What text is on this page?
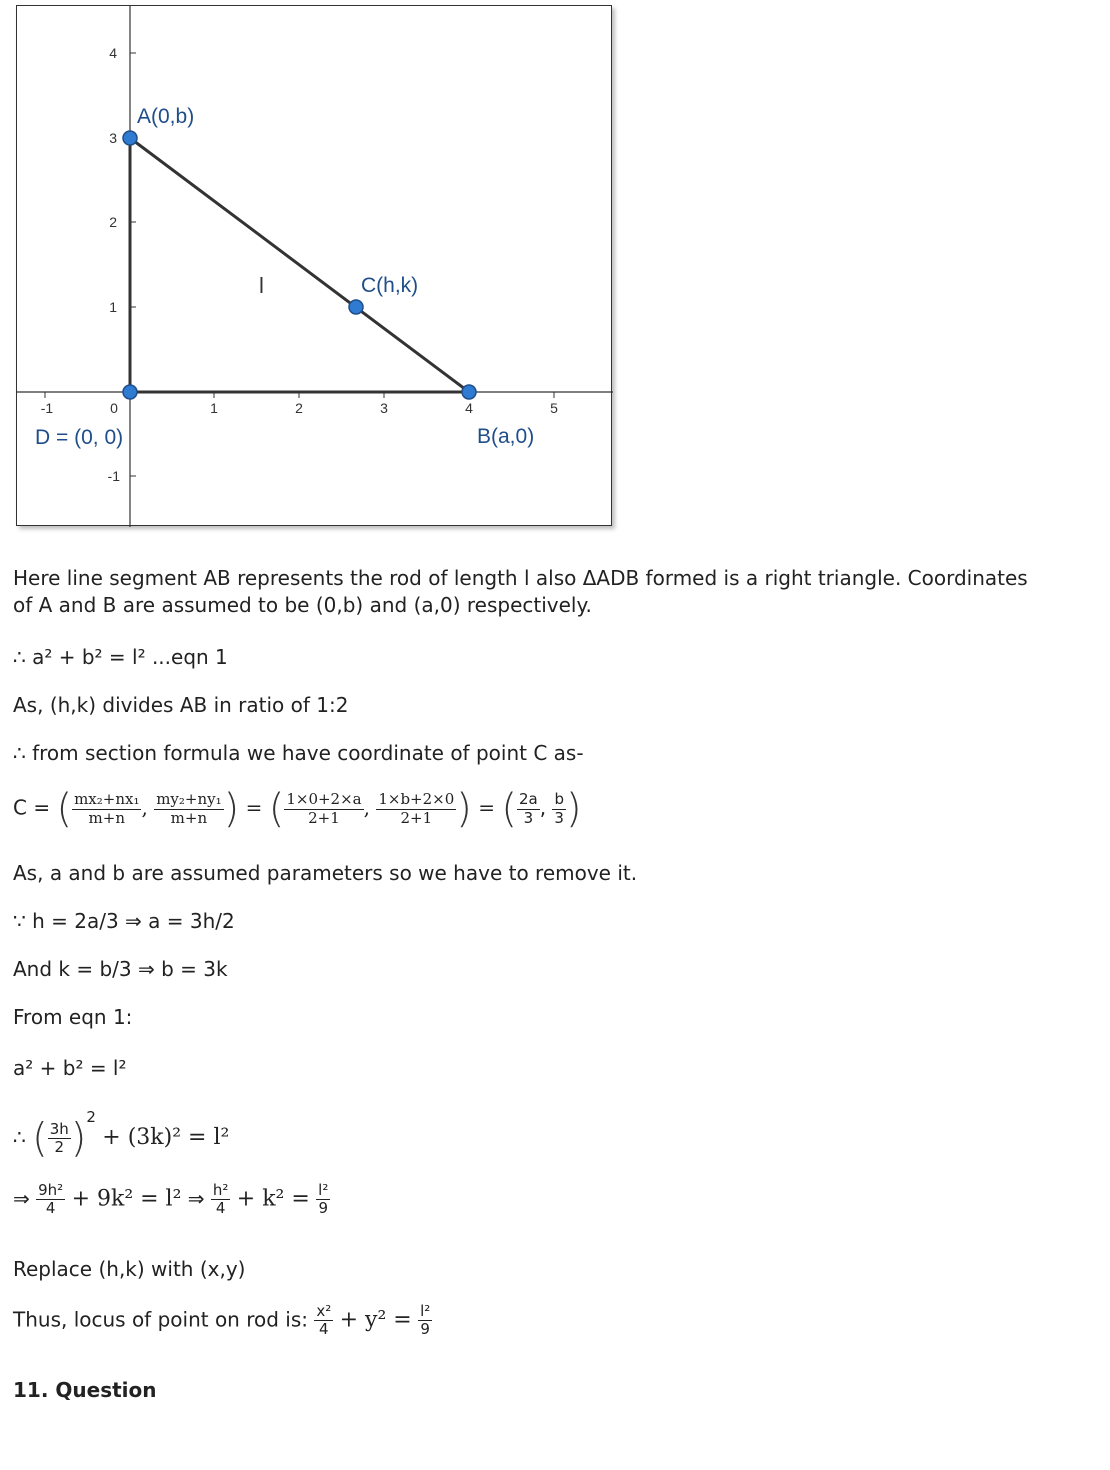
-1	0	1	2	3	4	5
4
3
2
1
-1
A(0,b)
C(h,k)
B(a,0)
D = (0, 0)
l
Here line segment AB represents the rod of length l also ΔADB formed is a right triangle. Coordinates
of A and B are assumed to be (0,b) and (a,0) respectively.
∴ a² + b² = l² ...eqn 1
As, (h,k) divides AB in ratio of 1:2
∴ from section formula we have coordinate of point C as-
C = ( $\frac{\text{mx₂+nx₁}}{m+n}$ , $\frac{\text{my₂+ny₁}}{m+n}$ ) = ( $\frac{1\times 0+2\times a}{2+1}$ , $\frac{1\times b+2\times 0}{2+1}$ ) = ( $\frac{2a}{3}$ , $\frac{b}{3}$ )
As, a and b are assumed parameters so we have to remove it.
∵ h = 2a/3 ⇒ a = 3h/2
And k = b/3 ⇒ b = 3k
From eqn 1:
a² + b² = l²
∴ ( $\frac{3h}{2} )^2 + (3k)^2 = l^2$
⇒ $\frac{\text{9h²}}{4} + 9k^2 = l^2$ ⇒ $\frac{\text{h²}}{4} + k^2 = \frac{\text{l²}}{9}$
Replace (h,k) with (x,y)
Thus, locus of point on rod is: $\frac{\text{x²}}{4} + y^2 = \frac{\text{l²}}{9}$
11. Question
